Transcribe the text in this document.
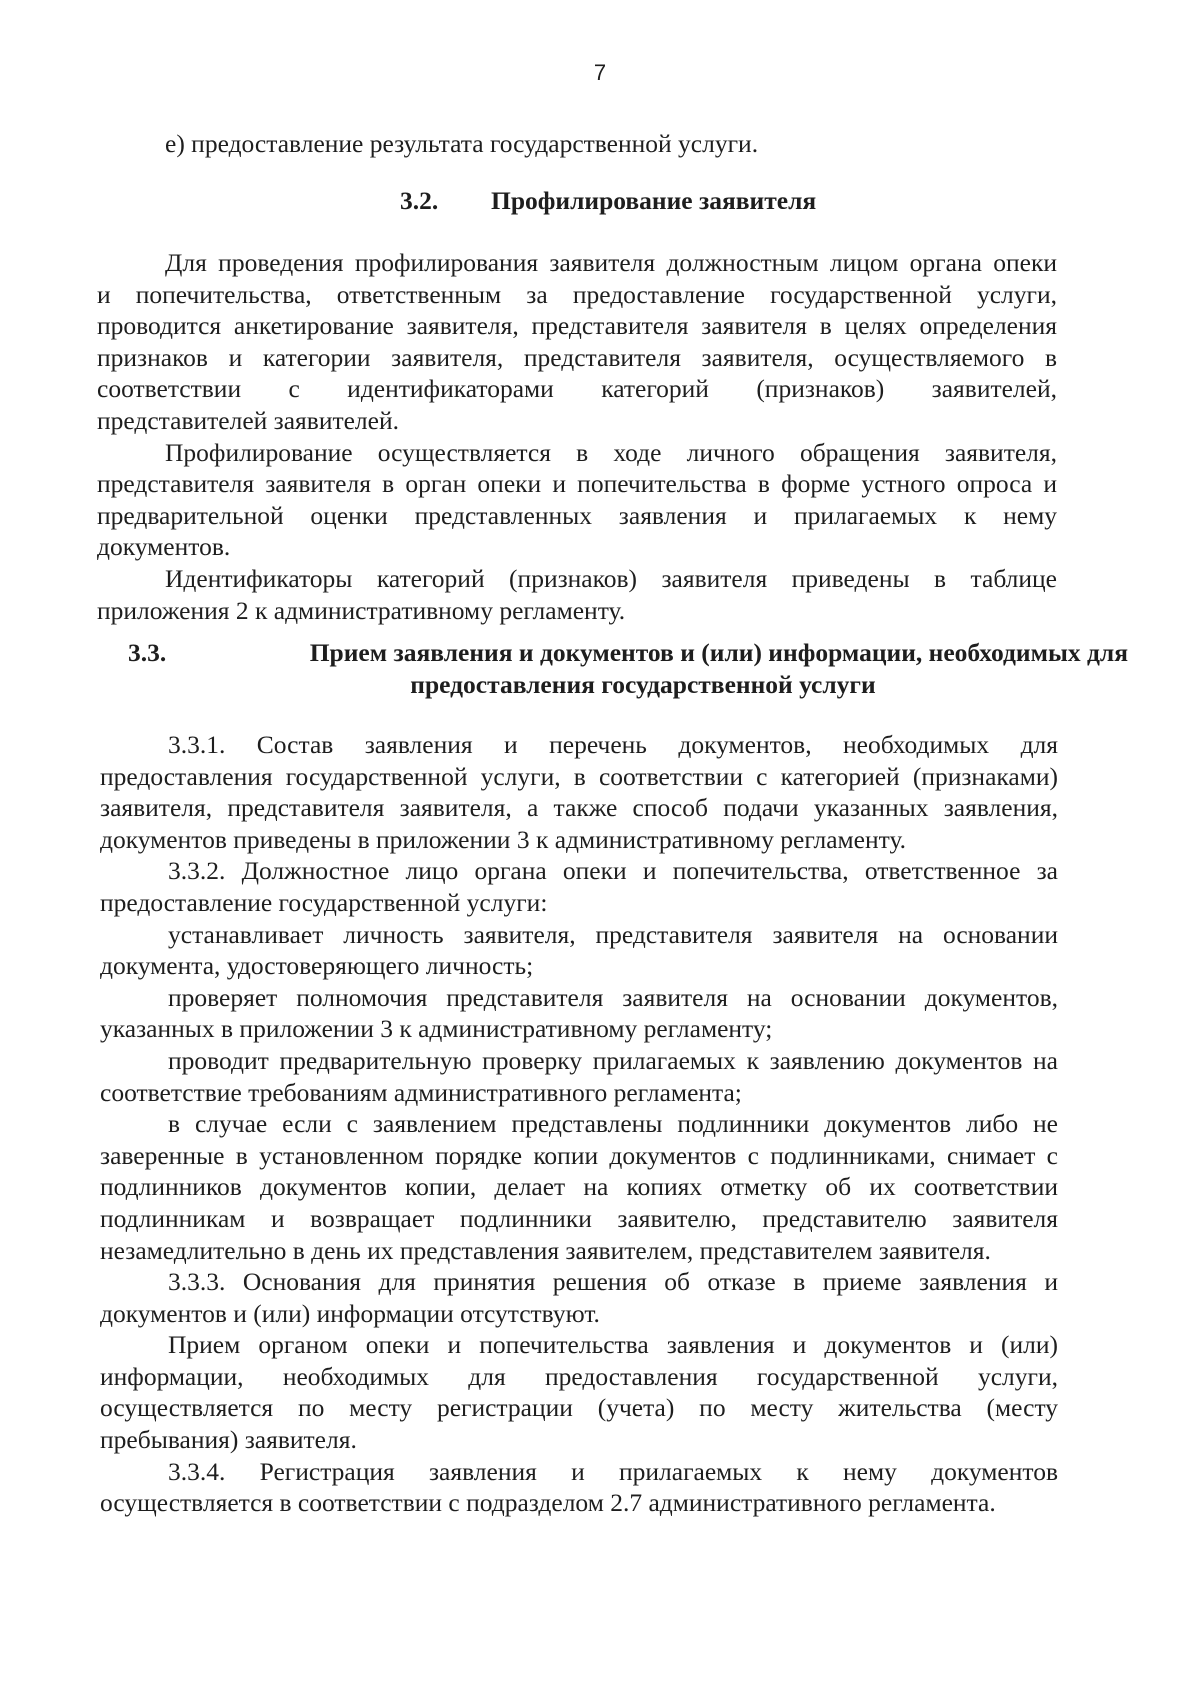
7
е) предоставление результата государственной услуги.
3.2. Профилирование заявителя
Для проведения профилирования заявителя должностным лицом органа опеки
и попечительства, ответственным за предоставление государственной услуги,
проводится анкетирование заявителя, представителя заявителя в целях определения
признаков и категории заявителя, представителя заявителя, осуществляемого в
соответствии с идентификаторами категорий (признаков) заявителей,
представителей заявителей.
Профилирование осуществляется в ходе личного обращения заявителя,
представителя заявителя в орган опеки и попечительства в форме устного опроса и
предварительной оценки представленных заявления и прилагаемых к нему
документов.
Идентификаторы категорий (признаков) заявителя приведены в таблице
приложения 2 к административному регламенту.
3.3.	Прием заявления и документов и (или) информации, необходимых для
предоставления государственной услуги
3.3.1. Состав заявления и перечень документов, необходимых для
предоставления государственной услуги, в соответствии с категорией (признаками)
заявителя, представителя заявителя, а также способ подачи указанных заявления,
документов приведены в приложении 3 к административному регламенту.
3.3.2. Должностное лицо органа опеки и попечительства, ответственное за
предоставление государственной услуги:
устанавливает личность заявителя, представителя заявителя на основании
документа, удостоверяющего личность;
проверяет полномочия представителя заявителя на основании документов,
указанных в приложении 3 к административному регламенту;
проводит предварительную проверку прилагаемых к заявлению документов на
соответствие требованиям административного регламента;
в случае если с заявлением представлены подлинники документов либо не
заверенные в установленном порядке копии документов с подлинниками, снимает с
подлинников документов копии, делает на копиях отметку об их соответствии
подлинникам и возвращает подлинники заявителю, представителю заявителя
незамедлительно в день их представления заявителем, представителем заявителя.
3.3.3. Основания для принятия решения об отказе в приеме заявления и
документов и (или) информации отсутствуют.
Прием органом опеки и попечительства заявления и документов и (или)
информации, необходимых для предоставления государственной услуги,
осуществляется по месту регистрации (учета) по месту жительства (месту
пребывания) заявителя.
3.3.4. Регистрация заявления и прилагаемых к нему документов
осуществляется в соответствии с подразделом 2.7 административного регламента.
